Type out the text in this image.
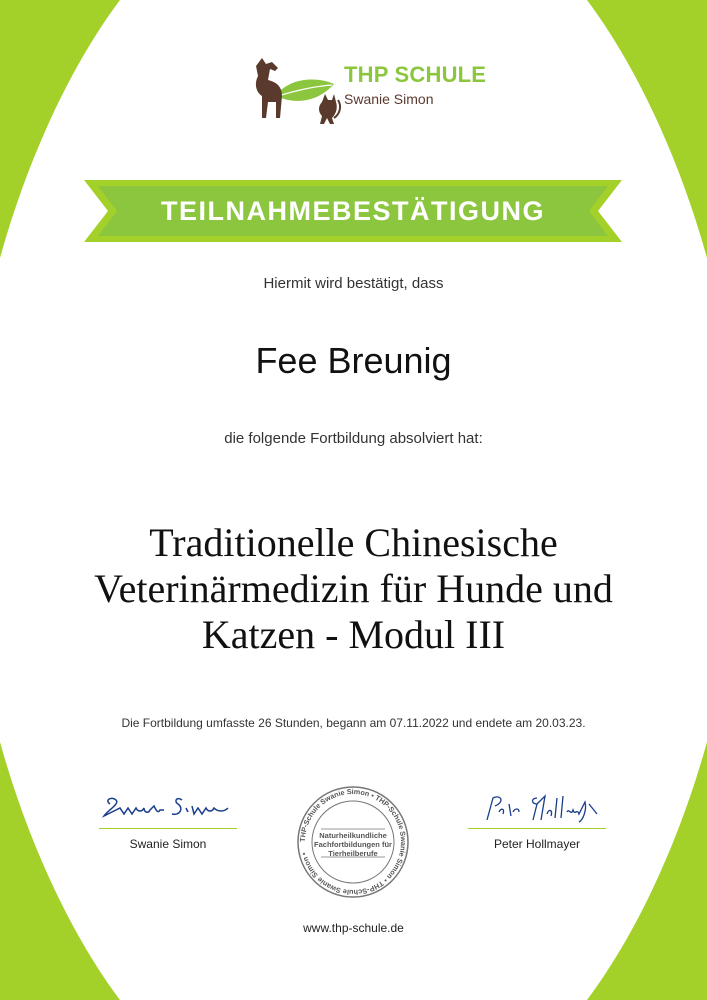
THP SCHULE
Swanie Simon
TEILNAHMEBESTÄTIGUNG
Hiermit wird bestätigt, dass
Fee Breunig
die folgende Fortbildung absolviert hat:
Traditionelle Chinesische
Veterinärmedizin für Hunde und
Katzen - Modul III
Die Fortbildung umfasste 26 Stunden, begann am 07.11.2022 und endete am 20.03.23.
Swanie Simon	THP-Schule Swanie Simon • THP-Schule Swanie Simon • THP-Schule Swanie Simon •
Naturheilkundliche
Fachfortbildungen für
Tierheilberufe
Peter Hollmayer
www.thp-schule.de
